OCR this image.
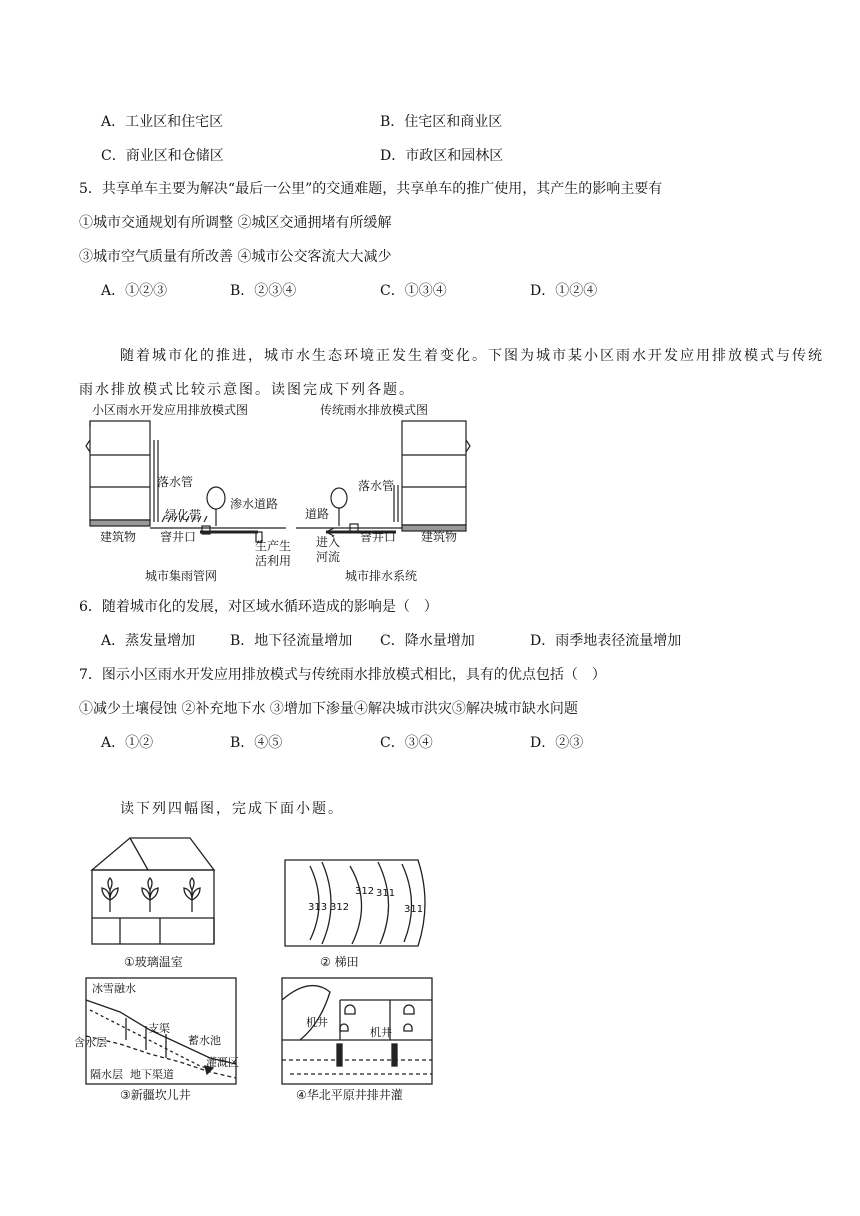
A．工业区和住宅区	B．住宅区和商业区
C．商业区和仓储区	D．市政区和园林区
5．共享单车主要为解决“最后一公里”的交通难题，共享单车的推广使用，其产生的影响主要有
①城市交通规划有所调整 ②城区交通拥堵有所缓解
③城市空气质量有所改善 ④城市公交客流大大减少
A．①②③	B．②③④	C．①③④	D．①②④
随着城市化的推进，城市水生态环境正发生着变化。下图为城市某小区雨水开发应用排放模式与传统
雨水排放模式比较示意图。读图完成下列各题。
小区雨水开发应用排放模式图	传统雨水排放模式图
落水管
渗水道路
绿化带
建筑物 窨井口
生产生
活利用
道路
落水管
进入
河流
窨井口 建筑物
城市集雨管网	城市排水系统
6．随着城市化的发展，对区域水循环造成的影响是（　）
A．蒸发量增加 B．地下径流量增加 C．降水量增加	D．雨季地表径流量增加
7．图示小区雨水开发应用排放模式与传统雨水排放模式相比，具有的优点包括（　）
①减少土壤侵蚀 ②补充地下水 ③增加下渗量④解决城市洪灾⑤解决城市缺水问题
A．①②	B．④⑤	C．③④	D．②③
读下列四幅图，完成下面小题。
①玻璃温室	② 梯田
③新疆坎儿井	④华北平原井排井灌
313 312
312 311
311
冰雪融水
支渠
含水层	蓄水池
灌溉区
隔水层 地下渠道
机井
机井
